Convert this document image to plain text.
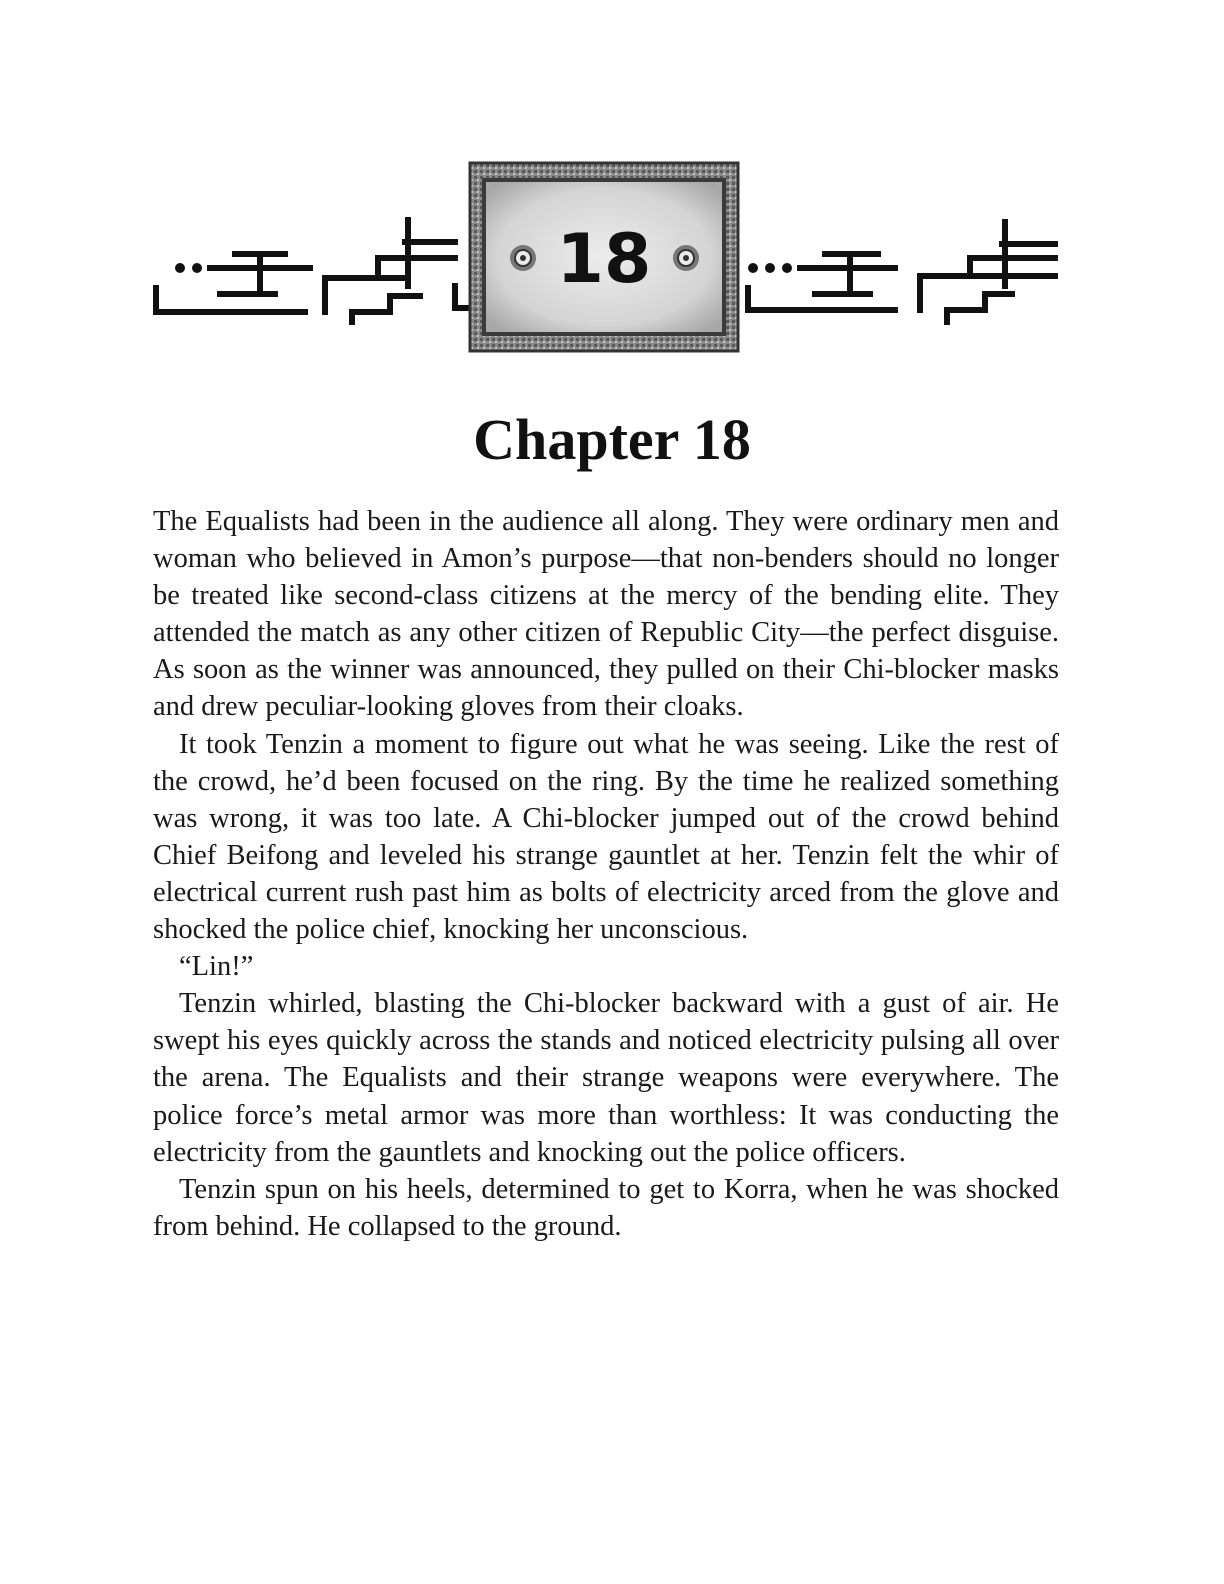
18
Chapter 18

The Equalists had been in the audience all along. They were ordinary men and woman who believed in Amon’s purpose—that non-benders should no longer be treated like second-class citizens at the mercy of the bending elite. They attended the match as any other citizen of Republic City—the perfect disguise. As soon as the winner was announced, they pulled on their Chi-blocker masks and drew peculiar-looking gloves from their cloaks.

It took Tenzin a moment to figure out what he was seeing. Like the rest of the crowd, he’d been focused on the ring. By the time he realized something was wrong, it was too late. A Chi-blocker jumped out of the crowd behind Chief Beifong and leveled his strange gauntlet at her. Tenzin felt the whir of electrical current rush past him as bolts of electricity arced from the glove and shocked the police chief, knocking her unconscious.

“Lin!”

Tenzin whirled, blasting the Chi-blocker backward with a gust of air. He swept his eyes quickly across the stands and noticed electricity pulsing all over the arena. The Equalists and their strange weapons were everywhere. The police force’s metal armor was more than worthless: It was conducting the electricity from the gauntlets and knocking out the police officers.

Tenzin spun on his heels, determined to get to Korra, when he was shocked from behind. He collapsed to the ground.
